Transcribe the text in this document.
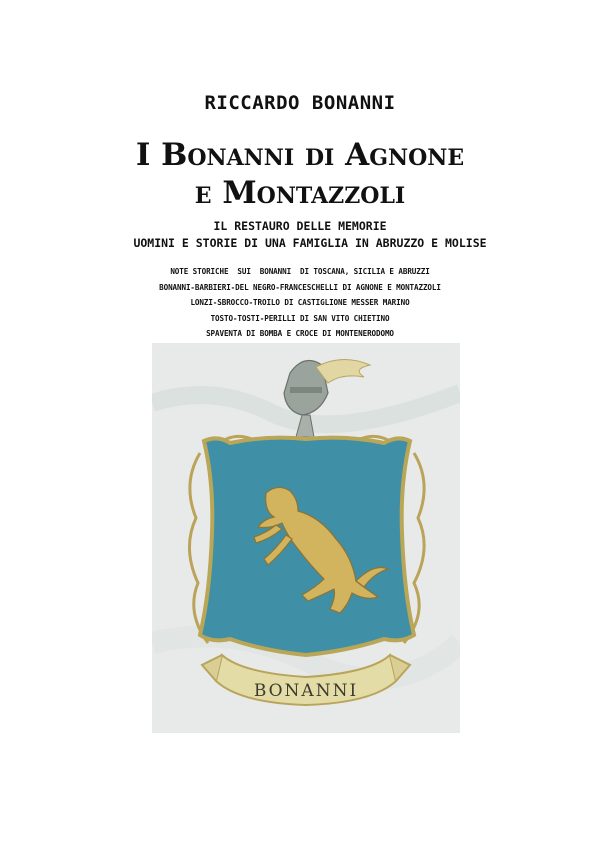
RICCARDO BONANNI
I Bonanni di Agnone
e Montazzoli
IL RESTAURO DELLE MEMORIE
UOMINI E STORIE DI UNA FAMIGLIA IN ABRUZZO E MOLISE
NOTE STORICHE  SUI  BONANNI  DI TOSCANA, SICILIA E ABRUZZI
BONANNI-BARBIERI-DEL NEGRO-FRANCESCHELLI DI AGNONE E MONTAZZOLI
LONZI-SBROCCO-TROILO DI CASTIGLIONE MESSER MARINO
TOSTO-TOSTI-PERILLI DI SAN VITO CHIETINO
SPAVENTA DI BOMBA E CROCE DI MONTENERODOMO
BONANNI
